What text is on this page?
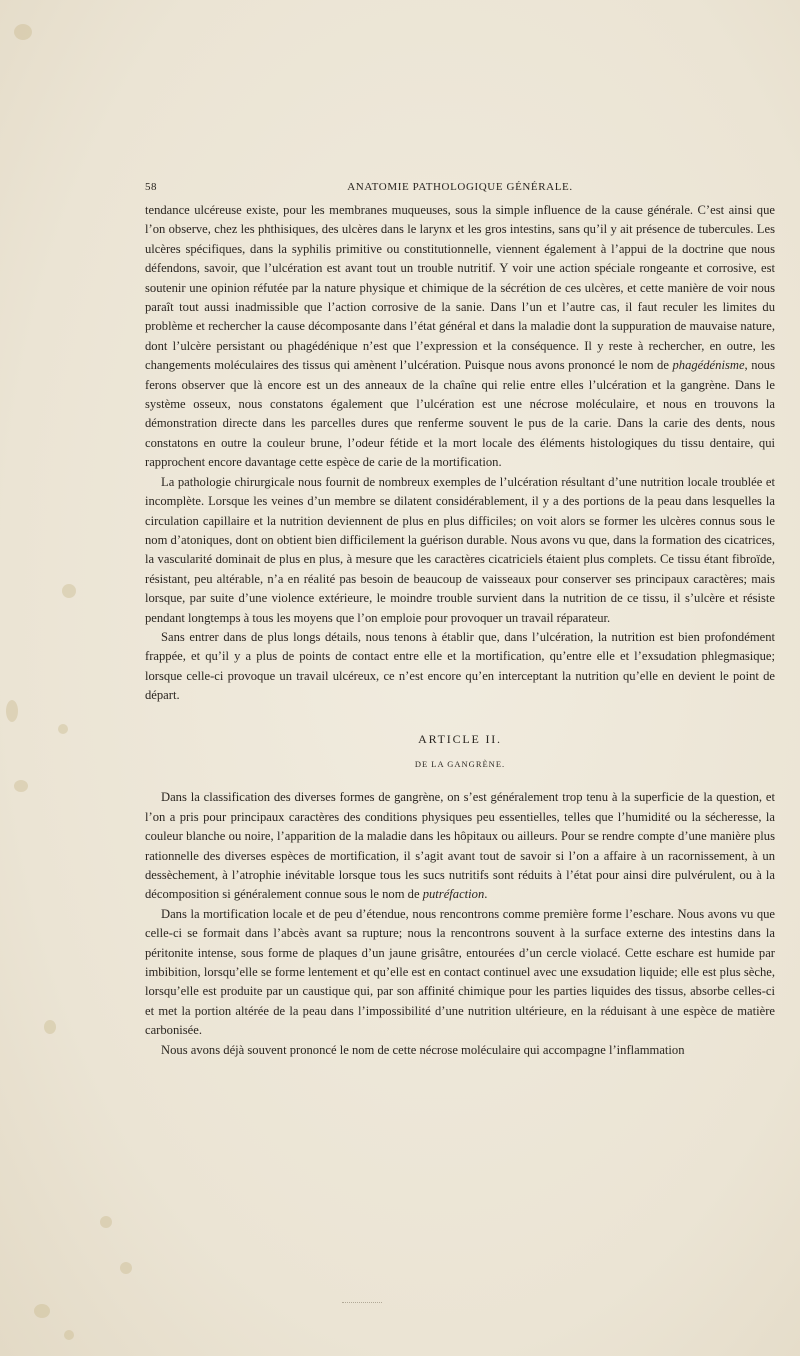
58	ANATOMIE PATHOLOGIQUE GÉNÉRALE.

tendance ulcéreuse existe, pour les membranes muqueuses, sous la simple influence de la cause générale. C’est ainsi que l’on observe, chez les phthisiques, des ulcères dans le larynx et les gros intestins, sans qu’il y ait présence de tubercules. Les ulcères spécifiques, dans la syphilis primitive ou constitutionnelle, viennent également à l’appui de la doctrine que nous défendons, savoir, que l’ulcération est avant tout un trouble nutritif. Y voir une action spéciale rongeante et corrosive, est soutenir une opinion réfutée par la nature physique et chimique de la sécrétion de ces ulcères, et cette manière de voir nous paraît tout aussi inadmissible que l’action corrosive de la sanie. Dans l’un et l’autre cas, il faut reculer les limites du problème et rechercher la cause décomposante dans l’état général et dans la maladie dont la suppuration de mauvaise nature, dont l’ulcère persistant ou phagédénique n’est que l’expression et la conséquence. Il y reste à rechercher, en outre, les changements moléculaires des tissus qui amènent l’ulcération. Puisque nous avons prononcé le nom de phagédénisme, nous ferons observer que là encore est un des anneaux de la chaîne qui relie entre elles l’ulcération et la gangrène. Dans le système osseux, nous constatons également que l’ulcération est une nécrose moléculaire, et nous en trouvons la démonstration directe dans les parcelles dures que renferme souvent le pus de la carie. Dans la carie des dents, nous constatons en outre la couleur brune, l’odeur fétide et la mort locale des éléments histologiques du tissu dentaire, qui rapprochent encore davantage cette espèce de carie de la mortification.

La pathologie chirurgicale nous fournit de nombreux exemples de l’ulcération résultant d’une nutrition locale troublée et incomplète. Lorsque les veines d’un membre se dilatent considérablement, il y a des portions de la peau dans lesquelles la circulation capillaire et la nutrition deviennent de plus en plus difficiles; on voit alors se former les ulcères connus sous le nom d’atoniques, dont on obtient bien difficilement la guérison durable. Nous avons vu que, dans la formation des cicatrices, la vascularité dominait de plus en plus, à mesure que les caractères cicatriciels étaient plus complets. Ce tissu étant fibroïde, résistant, peu altérable, n’a en réalité pas besoin de beaucoup de vaisseaux pour conserver ses principaux caractères; mais lorsque, par suite d’une violence extérieure, le moindre trouble survient dans la nutrition de ce tissu, il s’ulcère et résiste pendant longtemps à tous les moyens que l’on emploie pour provoquer un travail réparateur.

Sans entrer dans de plus longs détails, nous tenons à établir que, dans l’ulcération, la nutrition est bien profondément frappée, et qu’il y a plus de points de contact entre elle et la mortification, qu’entre elle et l’exsudation phlegmasique; lorsque celle-ci provoque un travail ulcéreux, ce n’est encore qu’en interceptant la nutrition qu’elle en devient le point de départ.

ARTICLE II.
DE LA GANGRÈNE.

Dans la classification des diverses formes de gangrène, on s’est généralement trop tenu à la superficie de la question, et l’on a pris pour principaux caractères des conditions physiques peu essentielles, telles que l’humidité ou la sécheresse, la couleur blanche ou noire, l’apparition de la maladie dans les hôpitaux ou ailleurs. Pour se rendre compte d’une manière plus rationnelle des diverses espèces de mortification, il s’agit avant tout de savoir si l’on a affaire à un racornissement, à un dessèchement, à l’atrophie inévitable lorsque tous les sucs nutritifs sont réduits à l’état pour ainsi dire pulvérulent, ou à la décomposition si généralement connue sous le nom de putréfaction.

Dans la mortification locale et de peu d’étendue, nous rencontrons comme première forme l’eschare. Nous avons vu que celle-ci se formait dans l’abcès avant sa rupture; nous la rencontrons souvent à la surface externe des intestins dans la péritonite intense, sous forme de plaques d’un jaune grisâtre, entourées d’un cercle violacé. Cette eschare est humide par imbibition, lorsqu’elle se forme lentement et qu’elle est en contact continuel avec une exsudation liquide; elle est plus sèche, lorsqu’elle est produite par un caustique qui, par son affinité chimique pour les parties liquides des tissus, absorbe celles-ci et met la portion altérée de la peau dans l’impossibilité d’une nutrition ultérieure, en la réduisant à une espèce de matière carbonisée.

Nous avons déjà souvent prononcé le nom de cette nécrose moléculaire qui accompagne l’inflammation
